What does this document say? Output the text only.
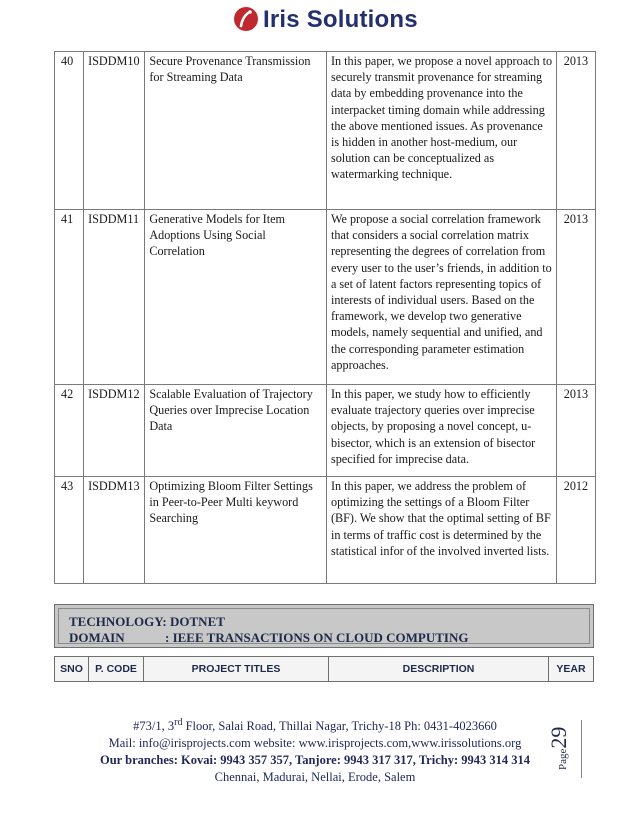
Iris Solutions
40	ISDDM10	Secure Provenance Transmission for Streaming Data	In this paper, we propose a novel approach to securely transmit provenance for streaming data by embedding provenance into the interpacket timing domain while addressing the above mentioned issues. As provenance is hidden in another host-medium, our solution can be conceptualized as watermarking technique.	2013
41	ISDDM11	Generative Models for Item Adoptions Using Social Correlation	We propose a social correlation framework that considers a social correlation matrix representing the degrees of correlation from every user to the user’s friends, in addition to a set of latent factors representing topics of interests of individual users. Based on the framework, we develop two generative models, namely sequential and unified, and the corresponding parameter estimation approaches.	2013
42	ISDDM12	Scalable Evaluation of Trajectory Queries over Imprecise Location Data	In this paper, we study how to efficiently evaluate trajectory queries over imprecise objects, by proposing a novel concept, u-bisector, which is an extension of bisector specified for imprecise data.	2013
43	ISDDM13	Optimizing Bloom Filter Settings in Peer-to-Peer Multi keyword Searching	In this paper, we address the problem of optimizing the settings of a Bloom Filter (BF). We show that the optimal setting of BF in terms of traffic cost is determined by the statistical infor of the involved inverted lists.	2012
TECHNOLOGY: DOTNET
DOMAIN	: IEEE TRANSACTIONS ON CLOUD COMPUTING
SNO	P. CODE	PROJECT TITLES	DESCRIPTION	YEAR
#73/1, 3rd Floor, Salai Road, Thillai Nagar, Trichy-18 Ph: 0431-4023660
Mail: info@irisprojects.com website: www.irisprojects.com,www.irissolutions.org
Our branches: Kovai: 9943 357 357, Tanjore: 9943 317 317, Trichy: 9943 314 314
Chennai, Madurai, Nellai, Erode, Salem
Page29
